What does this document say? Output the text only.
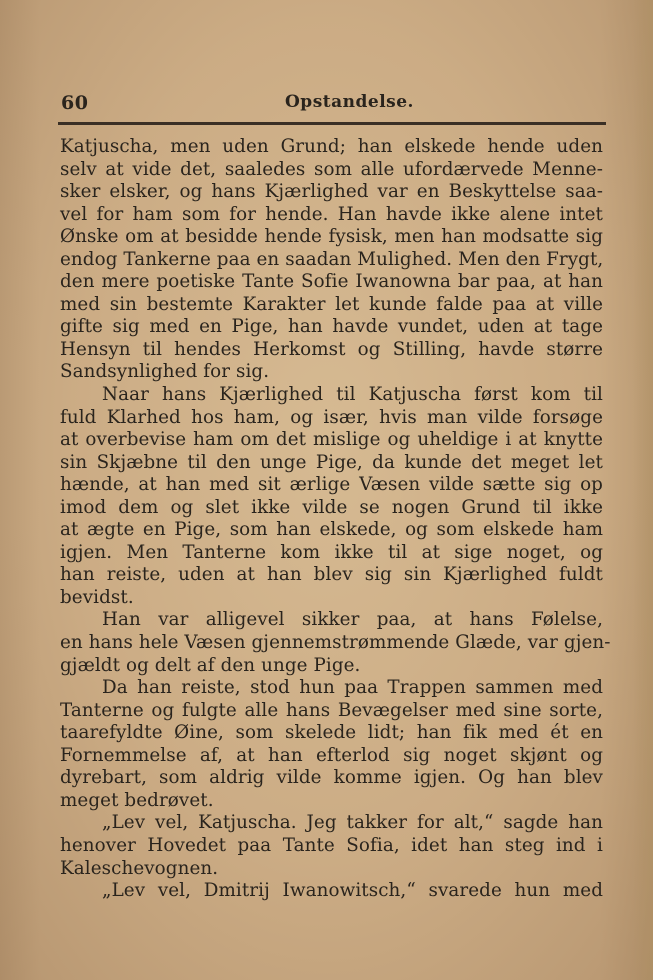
60	Opstandelse.
Katjuscha, men uden Grund; han elskede hende uden
selv at vide det, saaledes som alle ufordærvede Menne-
sker elsker, og hans Kjærlighed var en Beskyttelse saa-
vel for ham som for hende. Han havde ikke alene intet
Ønske om at besidde hende fysisk, men han modsatte sig
endog Tankerne paa en saadan Mulighed. Men den Frygt,
den mere poetiske Tante Sofie Iwanowna bar paa, at han
med sin bestemte Karakter let kunde falde paa at ville
gifte sig med en Pige, han havde vundet, uden at tage
Hensyn til hendes Herkomst og Stilling, havde større
Sandsynlighed for sig.
Naar hans Kjærlighed til Katjuscha først kom til
fuld Klarhed hos ham, og især, hvis man vilde forsøge
at overbevise ham om det mislige og uheldige i at knytte
sin Skjæbne til den unge Pige, da kunde det meget let
hænde, at han med sit ærlige Væsen vilde sætte sig op
imod dem og slet ikke vilde se nogen Grund til ikke
at ægte en Pige, som han elskede, og som elskede ham
igjen. Men Tanterne kom ikke til at sige noget, og
han reiste, uden at han blev sig sin Kjærlighed fuldt
bevidst.
Han var alligevel sikker paa, at hans Følelse,
en hans hele Væsen gjennemstrømmende Glæde, var gjen-
gjældt og delt af den unge Pige.
Da han reiste, stod hun paa Trappen sammen med
Tanterne og fulgte alle hans Bevægelser med sine sorte,
taarefyldte Øine, som skelede lidt; han fik med ét en
Fornemmelse af, at han efterlod sig noget skjønt og
dyrebart, som aldrig vilde komme igjen. Og han blev
meget bedrøvet.
„Lev vel, Katjuscha. Jeg takker for alt,“ sagde han
henover Hovedet paa Tante Sofia, idet han steg ind i
Kaleschevognen.
„Lev vel, Dmitrij Iwanowitsch,“ svarede hun med
